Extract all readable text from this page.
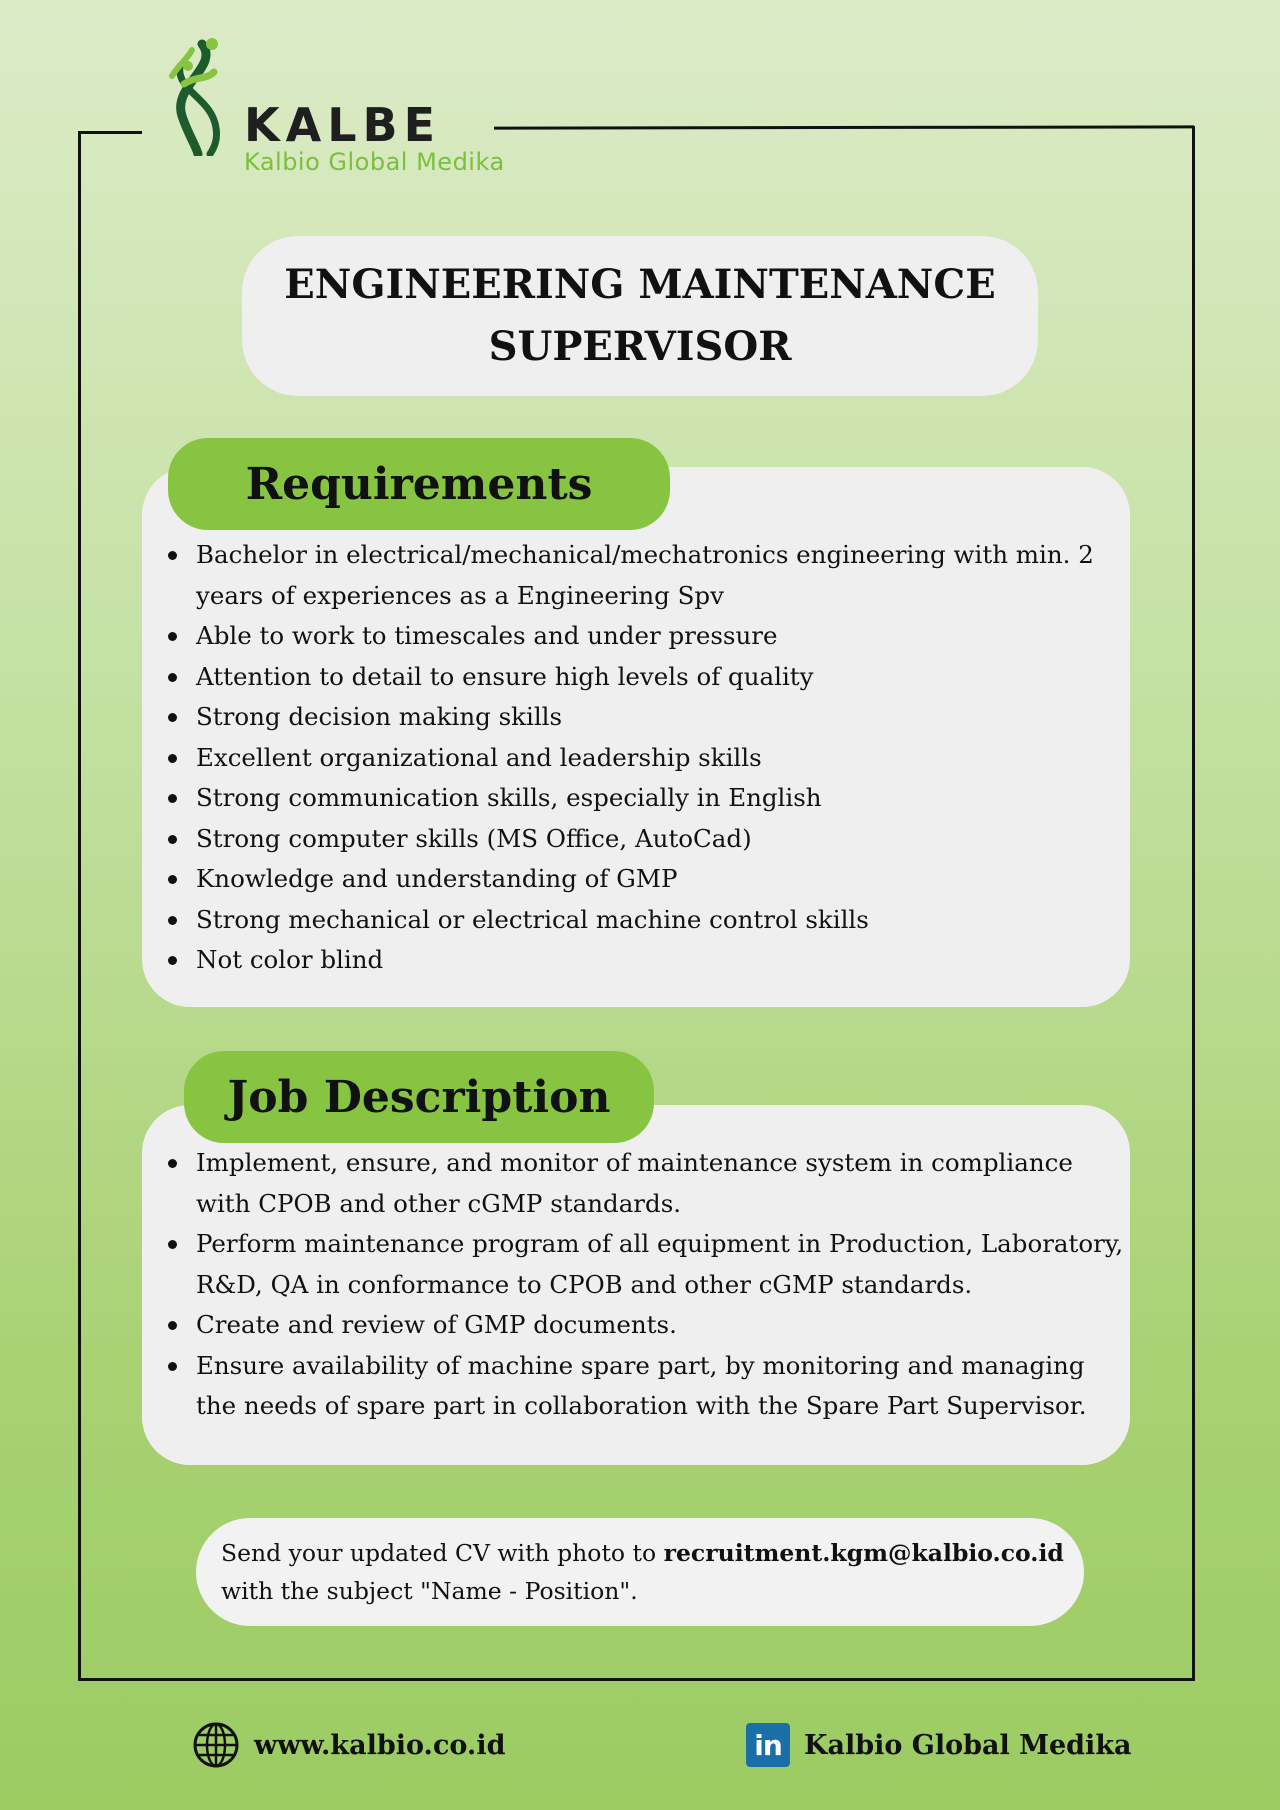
KALBE
Kalbio Global Medika
ENGINEERING MAINTENANCE
SUPERVISOR
Requirements
Bachelor in electrical/mechanical/mechatronics engineering with min. 2 years of experiences as a Engineering Spv
Able to work to timescales and under pressure
Attention to detail to ensure high levels of quality
Strong decision making skills
Excellent organizational and leadership skills
Strong communication skills, especially in English
Strong computer skills (MS Office, AutoCad)
Knowledge and understanding of GMP
Strong mechanical or electrical machine control skills
Not color blind
Job Description
Implement, ensure, and monitor of maintenance system in compliance with CPOB and other cGMP standards.
Perform maintenance program of all equipment in Production, Laboratory, R&D, QA in conformance to CPOB and other cGMP standards.
Create and review of GMP documents.
Ensure availability of machine spare part, by monitoring and managing the needs of spare part in collaboration with the Spare Part Supervisor.
Send your updated CV with photo to recruitment.kgm@kalbio.co.id
with the subject "Name - Position".
www.kalbio.co.id	in Kalbio Global Medika
